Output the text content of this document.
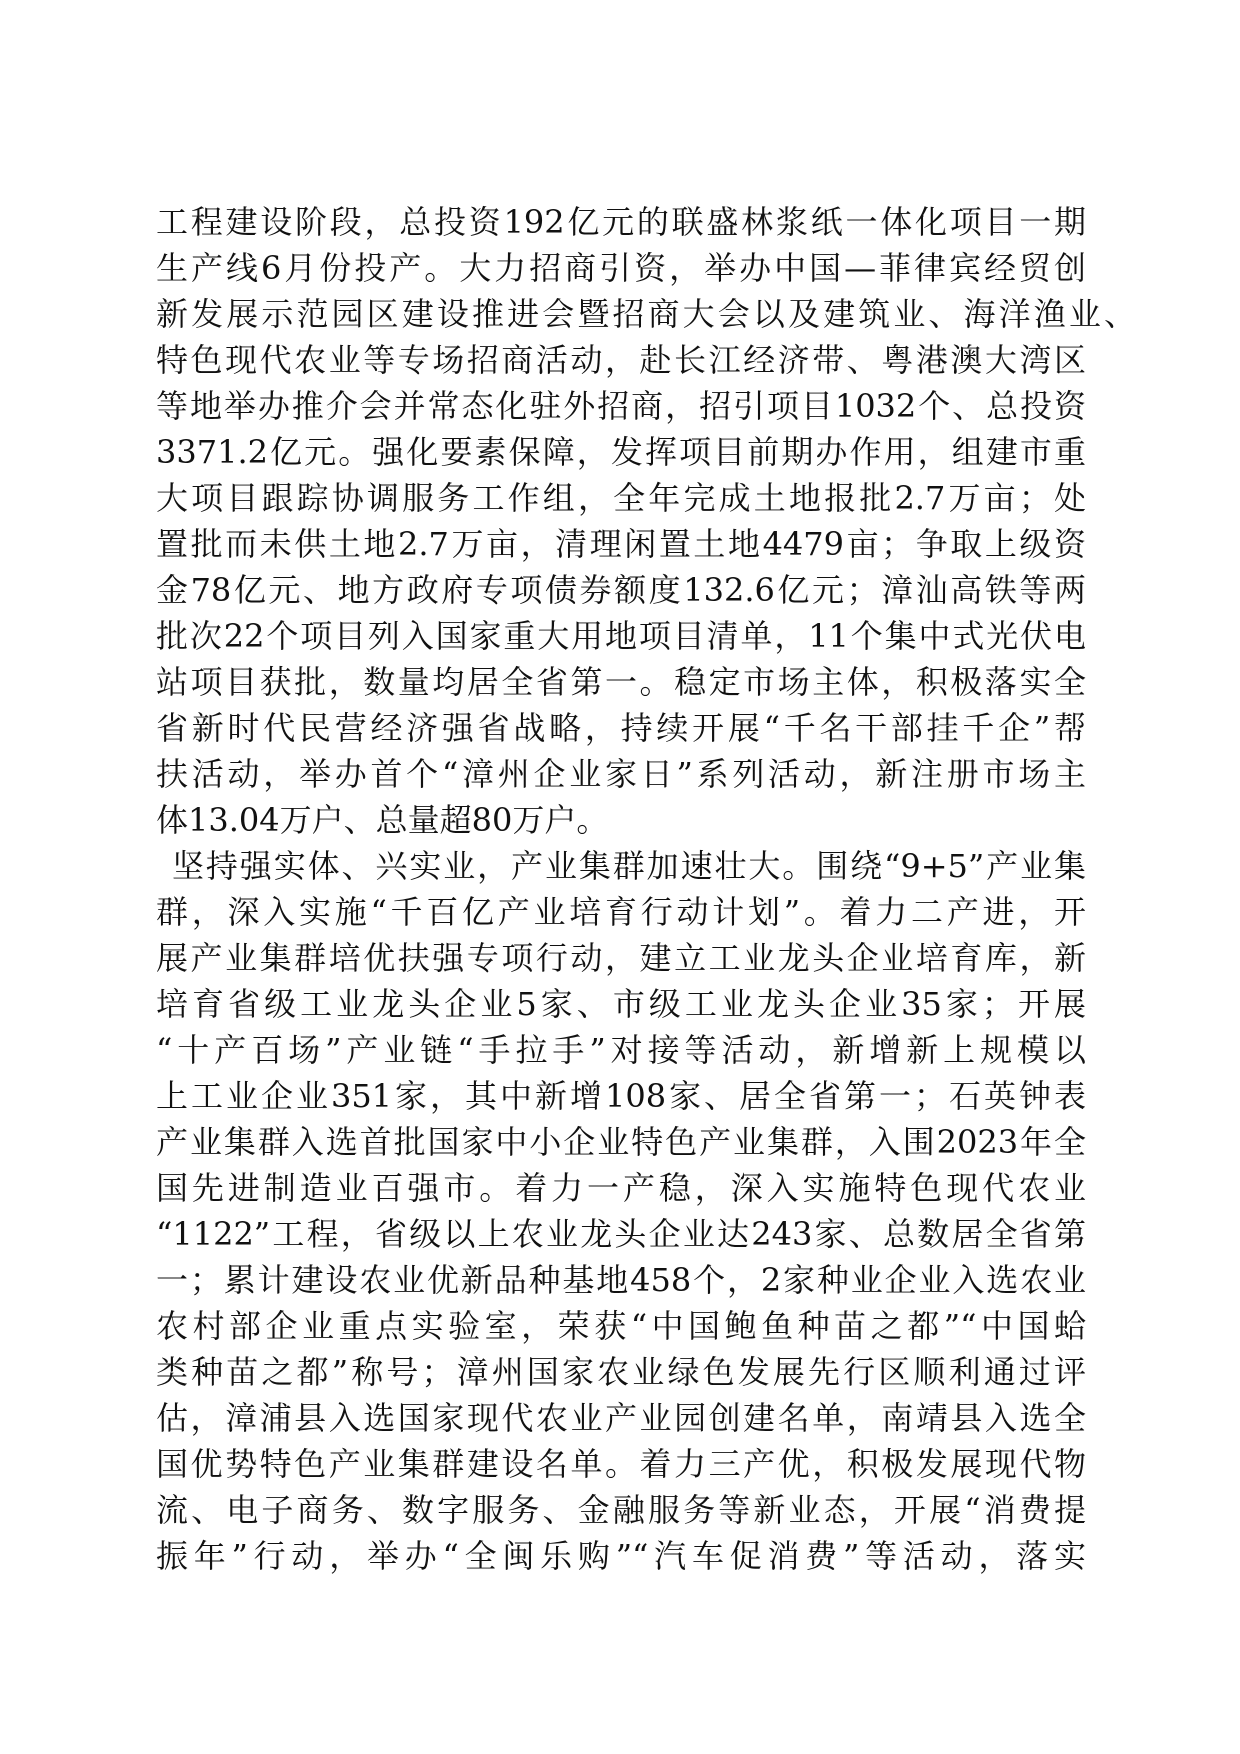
工程建设阶段，总投资192亿元的联盛林浆纸一体化项目一期
生产线6月份投产。大力招商引资，举办中国—菲律宾经贸创
新发展示范园区建设推进会暨招商大会以及建筑业、海洋渔业、
特色现代农业等专场招商活动，赴长江经济带、粤港澳大湾区
等地举办推介会并常态化驻外招商，招引项目1032个、总投资
3371.2亿元。强化要素保障，发挥项目前期办作用，组建市重
大项目跟踪协调服务工作组，全年完成土地报批2.7万亩；处
置批而未供土地2.7万亩，清理闲置土地4479亩；争取上级资
金78亿元、地方政府专项债券额度132.6亿元；漳汕高铁等两
批次22个项目列入国家重大用地项目清单，11个集中式光伏电
站项目获批，数量均居全省第一。稳定市场主体，积极落实全
省新时代民营经济强省战略，持续开展“千名干部挂千企”帮
扶活动，举办首个“漳州企业家日”系列活动，新注册市场主
体13.04万户、总量超80万户。
坚持强实体、兴实业，产业集群加速壮大。围绕“9+5”产业集
群，深入实施“千百亿产业培育行动计划”。着力二产进，开
展产业集群培优扶强专项行动，建立工业龙头企业培育库，新
培育省级工业龙头企业5家、市级工业龙头企业35家；开展
“十产百场”产业链“手拉手”对接等活动，新增新上规模以
上工业企业351家，其中新增108家、居全省第一；石英钟表
产业集群入选首批国家中小企业特色产业集群，入围2023年全
国先进制造业百强市。着力一产稳，深入实施特色现代农业
“1122”工程，省级以上农业龙头企业达243家、总数居全省第
一；累计建设农业优新品种基地458个，2家种业企业入选农业
农村部企业重点实验室，荣获“中国鲍鱼种苗之都”“中国蛤
类种苗之都”称号；漳州国家农业绿色发展先行区顺利通过评
估，漳浦县入选国家现代农业产业园创建名单，南靖县入选全
国优势特色产业集群建设名单。着力三产优，积极发展现代物
流、电子商务、数字服务、金融服务等新业态，开展“消费提
振年”行动，举办“全闽乐购”“汽车促消费”等活动，落实
